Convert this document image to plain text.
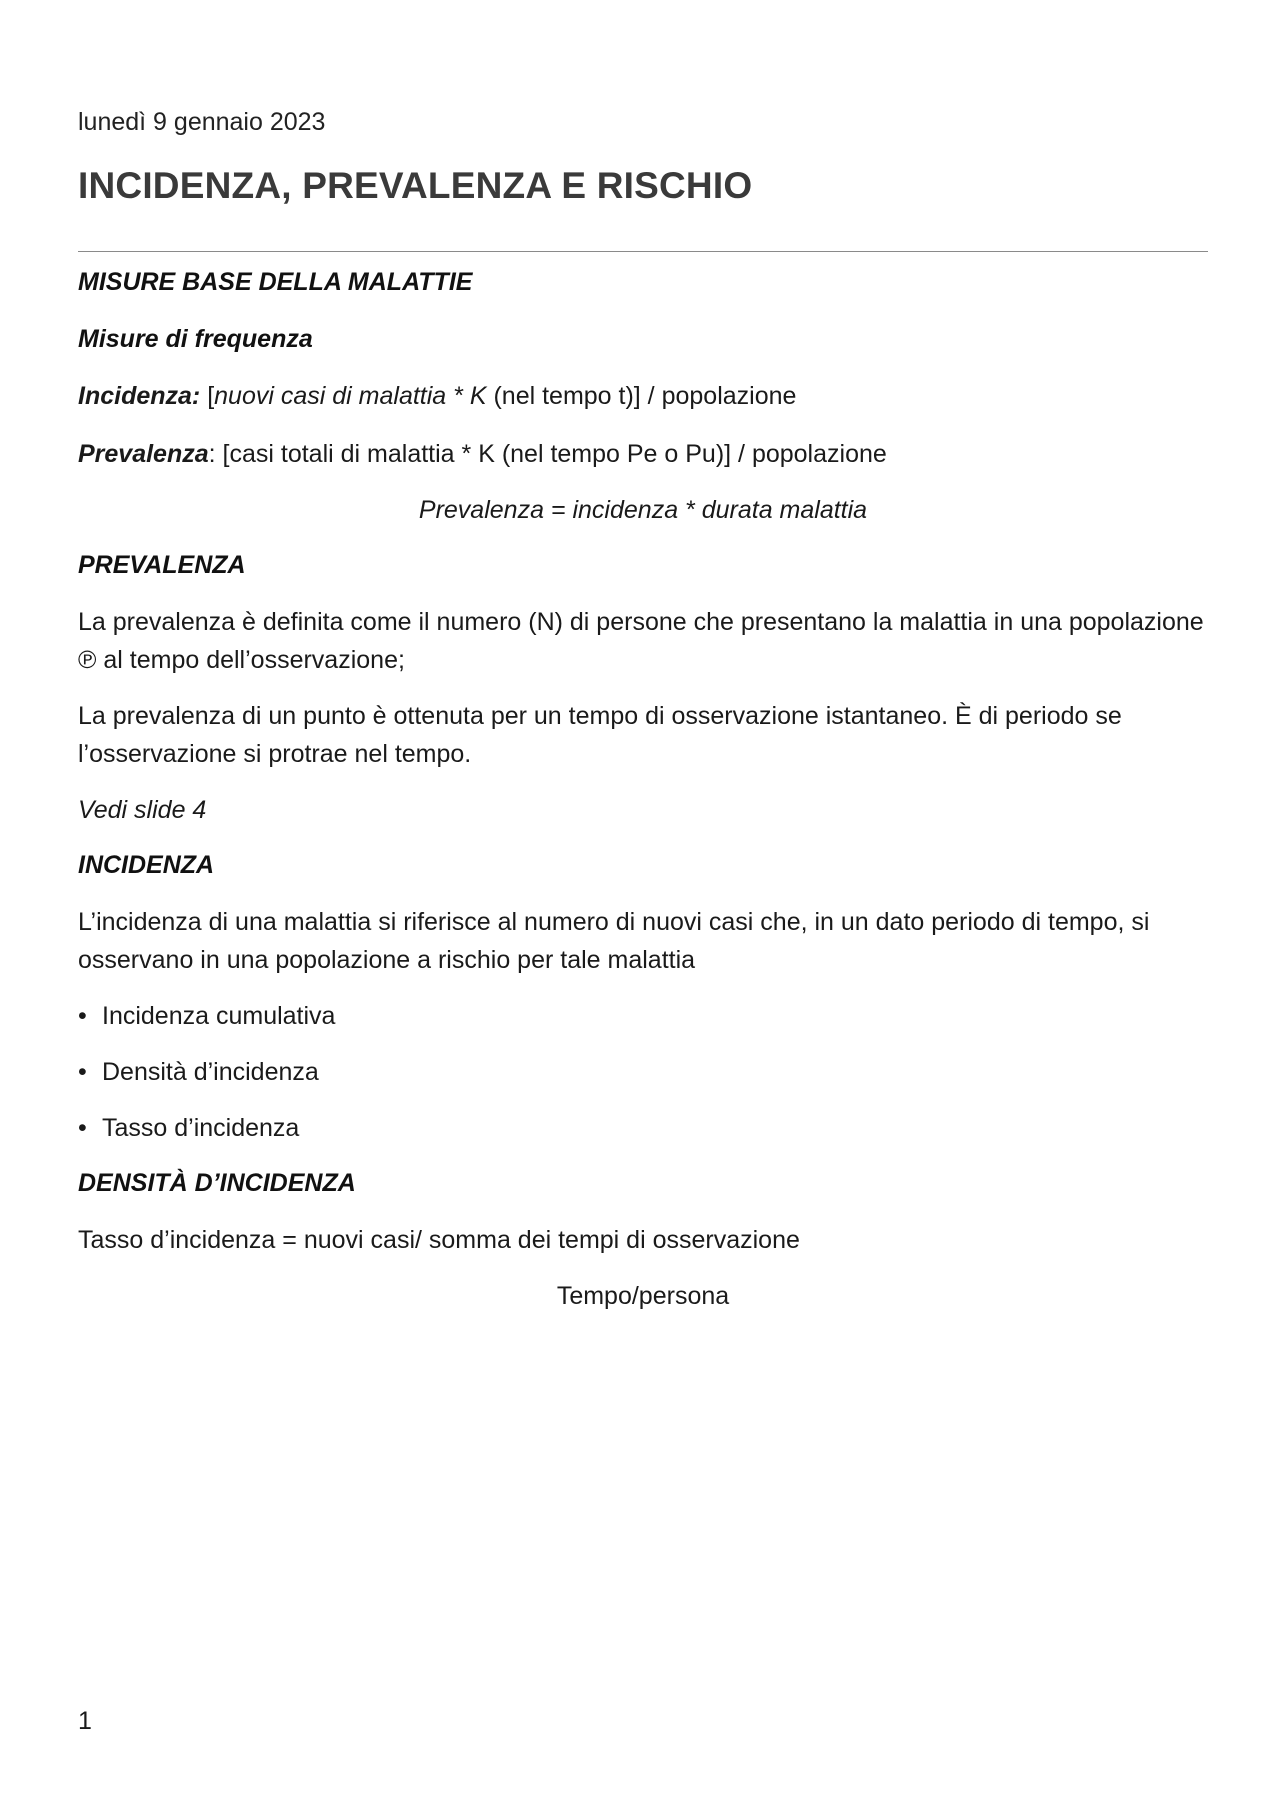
lunedì 9 gennaio 2023

INCIDENZA, PREVALENZA E RISCHIO

MISURE BASE DELLA MALATTIE

Misure di frequenza

Incidenza: [nuovi casi di malattia * K (nel tempo t)] / popolazione

Prevalenza: [casi totali di malattia * K (nel tempo Pe o Pu)] / popolazione

Prevalenza = incidenza * durata malattia

PREVALENZA

La prevalenza è definita come il numero (N) di persone che presentano la malattia in una popolazione ℗ al tempo dell’osservazione;

La prevalenza di un punto è ottenuta per un tempo di osservazione istantaneo. È di periodo se l’osservazione si protrae nel tempo.

Vedi slide 4

INCIDENZA

L’incidenza di una malattia si riferisce al numero di nuovi casi che, in un dato periodo di tempo, si osservano in una popolazione a rischio per tale malattia

• Incidenza cumulativa

• Densità d’incidenza

• Tasso d’incidenza

DENSITÀ D’INCIDENZA

Tasso d’incidenza = nuovi casi/ somma dei tempi di osservazione

Tempo/persona

1
